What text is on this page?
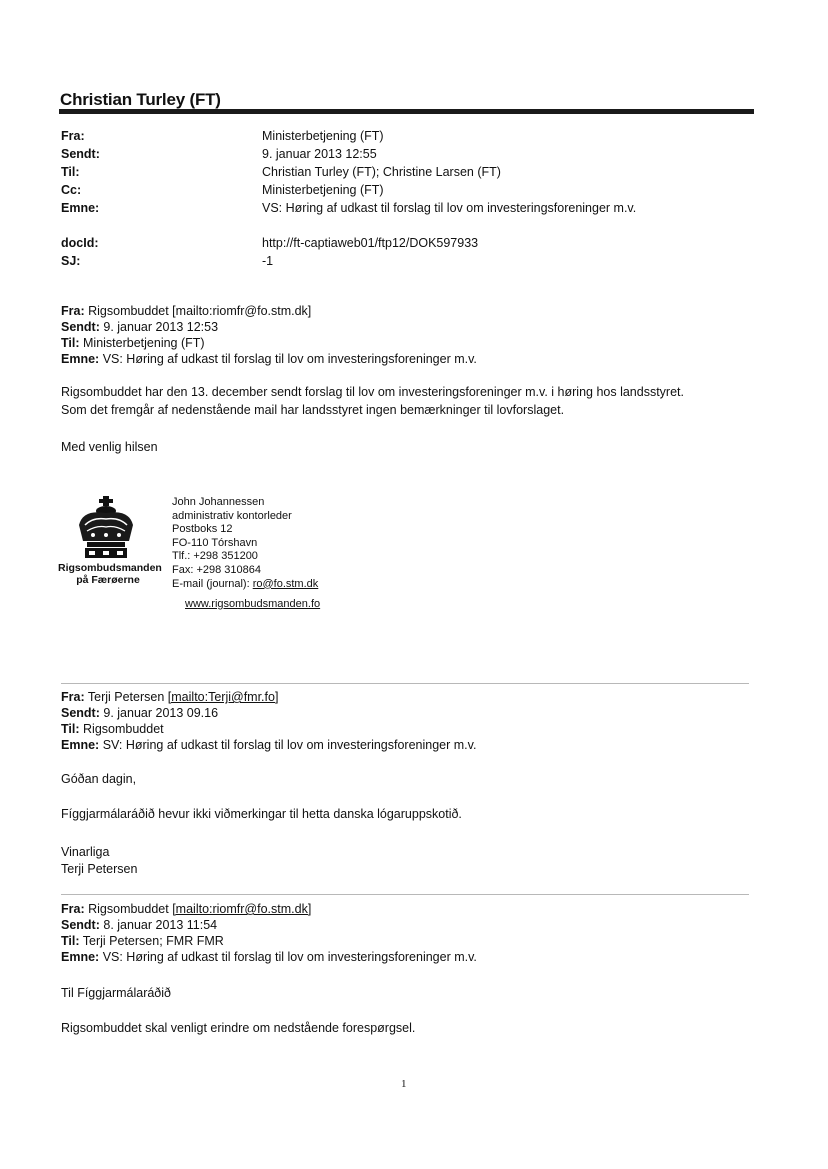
Christian Turley (FT)
Fra:	Ministerbetjening (FT)
Sendt:	9. januar 2013 12:55
Til:	Christian Turley (FT); Christine Larsen (FT)
Cc:	Ministerbetjening (FT)
Emne:	VS: Høring af udkast til forslag til lov om investeringsforeninger m.v.
docId:	http://ft-captiaweb01/ftp12/DOK597933
SJ:	-1
Fra: Rigsombuddet [mailto:riomfr@fo.stm.dk]
Sendt: 9. januar 2013 12:53
Til: Ministerbetjening (FT)
Emne: VS: Høring af udkast til forslag til lov om investeringsforeninger m.v.
Rigsombuddet har den 13. december sendt forslag til lov om investeringsforeninger m.v. i høring hos landsstyret.
Som det fremgår af nedenstående mail har landsstyret ingen bemærkninger til lovforslaget.
Med venlig hilsen
Rigsombudsmanden
på Færøerne
John Johannessen
administrativ kontorleder
Postboks 12
FO-110 Tórshavn
Tlf.: +298 351200
Fax: +298 310864
E-mail (journal): ro@fo.stm.dk
www.rigsombudsmanden.fo
Fra: Terji Petersen [mailto:Terji@fmr.fo]
Sendt: 9. januar 2013 09.16
Til: Rigsombuddet
Emne: SV: Høring af udkast til forslag til lov om investeringsforeninger m.v.
Góðan dagin,
Fíggjarmálaráðið hevur ikki viðmerkingar til hetta danska lógaruppskotið.
Vinarliga
Terji Petersen
Fra: Rigsombuddet [mailto:riomfr@fo.stm.dk]
Sendt: 8. januar 2013 11:54
Til: Terji Petersen; FMR FMR
Emne: VS: Høring af udkast til forslag til lov om investeringsforeninger m.v.
Til Fíggjarmálaráðið
Rigsombuddet skal venligt erindre om nedstående forespørgsel.
1
